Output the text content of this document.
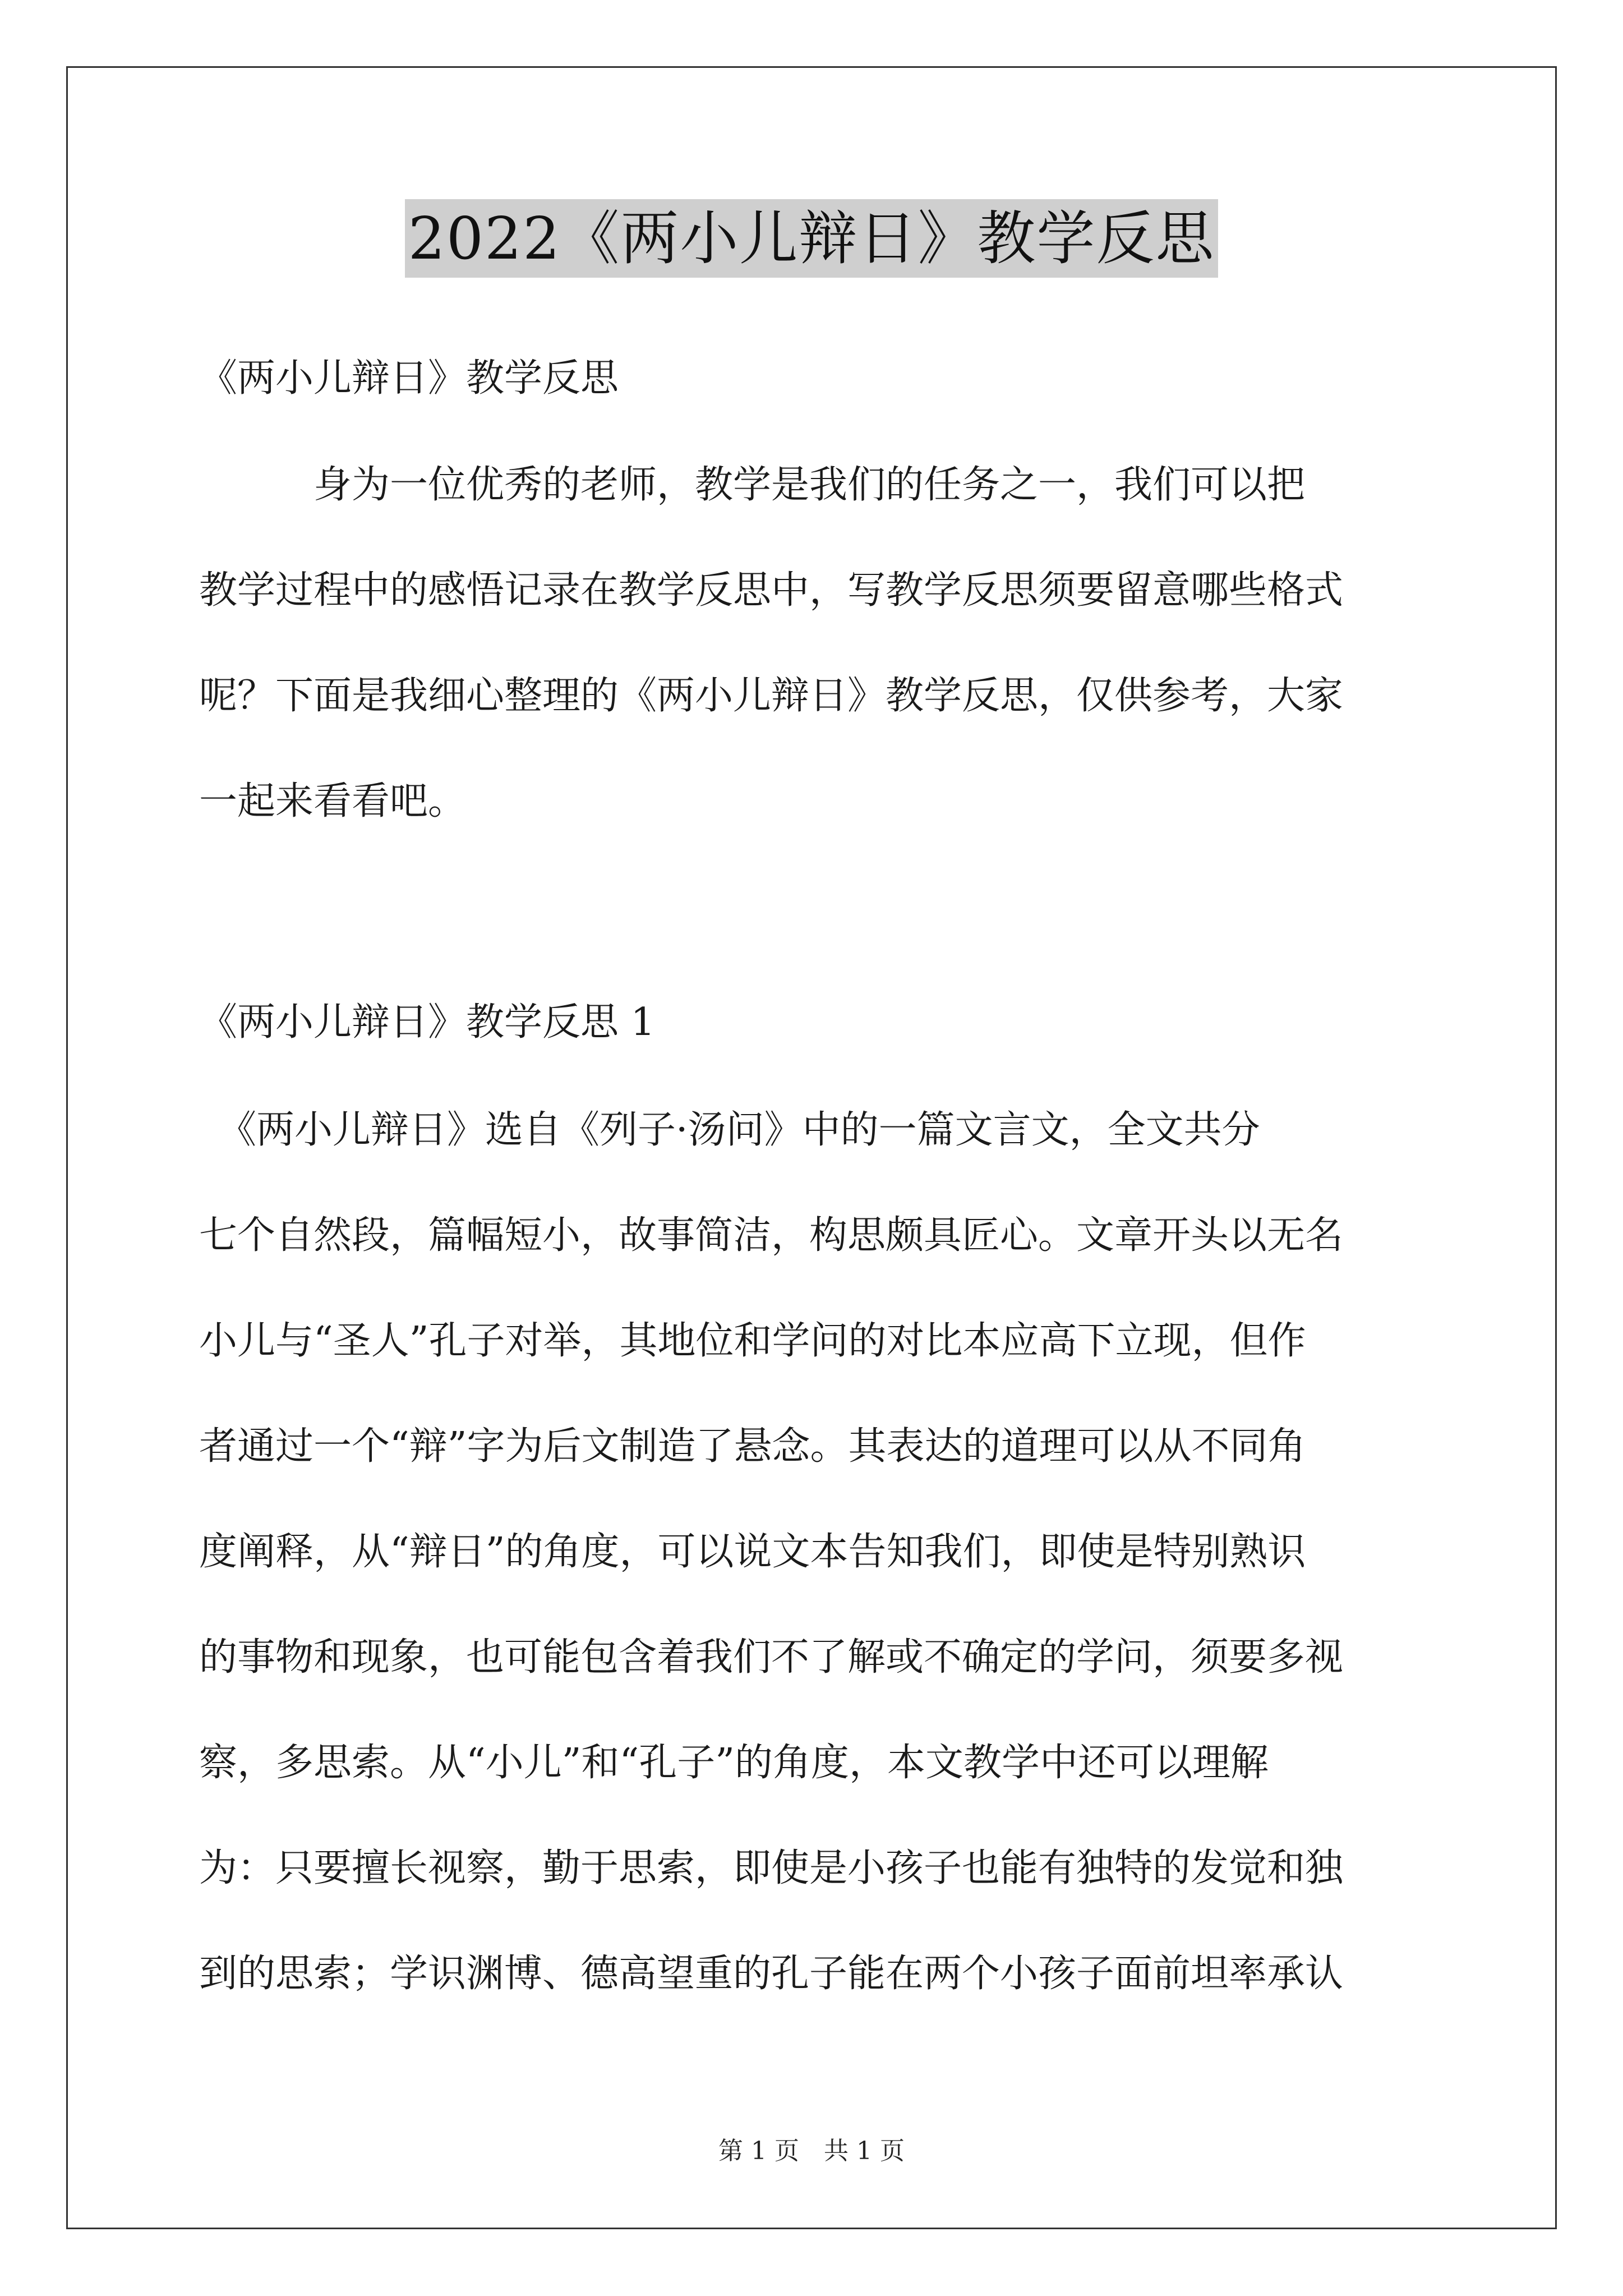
2022《两小儿辩日》教学反思
《两小儿辩日》教学反思
　　　身为一位优秀的老师，教学是我们的任务之一，我们可以把
教学过程中的感悟记录在教学反思中，写教学反思须要留意哪些格式
呢？下面是我细心整理的《两小儿辩日》教学反思，仅供参考，大家
一起来看看吧。
《两小儿辩日》教学反思 1
　《两小儿辩日》选自《列子·汤问》中的一篇文言文，全文共分
七个自然段，篇幅短小，故事简洁，构思颇具匠心。文章开头以无名
小儿与“圣人”孔子对举，其地位和学问的对比本应高下立现，但作
者通过一个“辩”字为后文制造了悬念。其表达的道理可以从不同角
度阐释，从“辩日”的角度，可以说文本告知我们，即使是特别熟识
的事物和现象，也可能包含着我们不了解或不确定的学问，须要多视
察，多思索。从“小儿”和“孔子”的角度，本文教学中还可以理解
为：只要擅长视察，勤于思索，即使是小孩子也能有独特的发觉和独
到的思索；学识渊博、德高望重的孔子能在两个小孩子面前坦率承认
第 1 页　共 1 页
